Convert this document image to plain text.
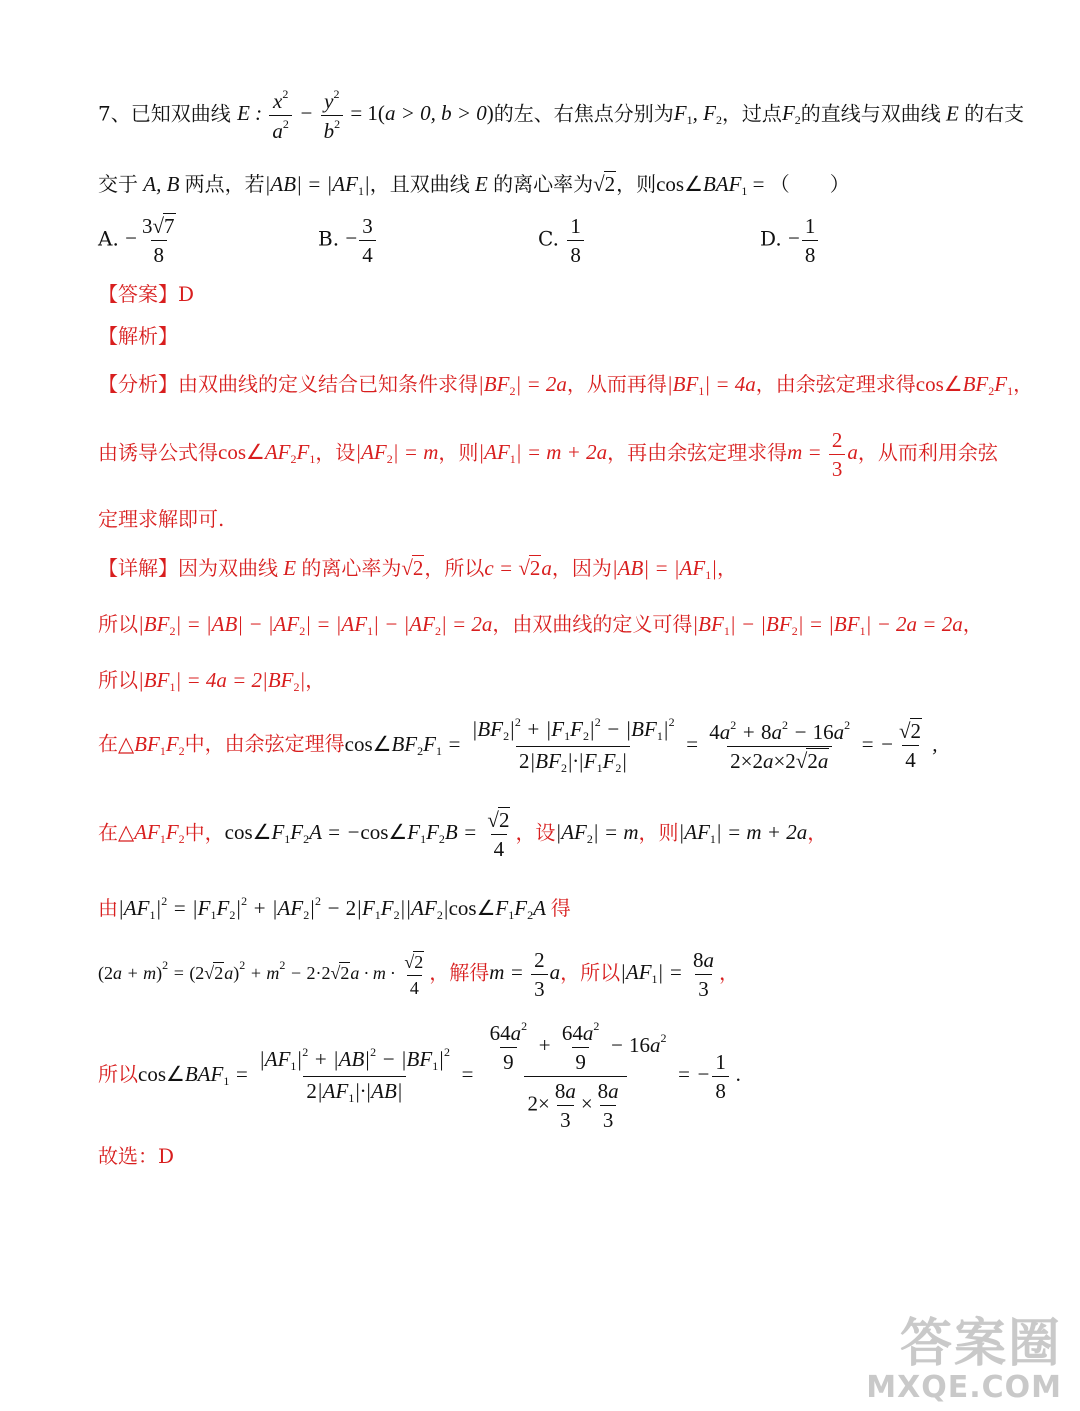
7、已知双曲线 E : $\frac{x^2}{a^2} - \frac{y^2}{b^2} = 1(a > 0$, b > 0)的左、右焦点分别为$F_1$, $F_2$，过点$F_2$的直线与双曲线 E 的右支
交于 A, B 两点，若$|AB| = |AF_1|$，且双曲线 E 的离心率为√2，则$\cos\angle BAF_1$ = （　　）
A. − $\frac{3√7}{8}$	B. − $\frac{3}{4}$	C. $\frac{1}{8}$	D. − $\frac{1}{8}$
【答案】D
【解析】
【分析】由双曲线的定义结合已知条件求得$|BF_2| = 2a$，从而再得$|BF_1| = 4a$，由余弦定理求得$\cos\angle BF_2F_1$，
由诱导公式得$\cos\angle AF_2F_1$，设$|AF_2| = m$，则$|AF_1| = m + 2a$，再由余弦定理求得$m = \frac{2}{3}$ a，从而利用余弦
定理求解即可.
【详解】因为双曲线 E 的离心率为√2，所以c = √2a，因为$|AB| = |AF_1|$，
所以$|BF_2| = |AB| - |AF_2| = |AF_1| - |AF_2| = 2a$，由双曲线的定义可得$|BF_1| - |BF_2| = |BF_1| - 2a = 2a$，
所以$|BF_1| = 4a = 2|BF_2|$，
在$\triangle BF_1F_2$中，由余弦定理得$\cos\angle BF_2F_1 = \frac{|BF_2|^2 + |F_1F_2|^2 - |BF_1|^2}{2|BF_2|\cdot|F_1F_2|} = \frac{4a^2 + 8a^2 - 16a^2}{2\times 2a\times 2√2a}$ = − $\frac{√2}{4}$ ,
在$\triangle AF_1F_2$中，$\cos\angle F_1F_2A$ = $-\cos\angle F_1F_2B = \frac{√2}{4}$ ，设$|AF_2| = m$，则$|AF_1| = m + 2a$，
由$|AF_1|^2 = |F_1F_2|^2 + |AF_2|^2$ − $2|F_1F_2||AF_2|\cos\angle F_1F_2A$ 得
$(2a + m)^2 = (2√2a)^2 + m^2 - 2\cdot 2√2a \cdot m \cdot \frac{√2}{4}$ ，解得$m = \frac{2}{3}$ a，所以$|AF_1| = \frac{8a}{3}$ ，
所以$\cos\angle BAF_1 = \frac{|AF_1|^2 + |AB|^2 - |BF_1|^2}{2|AF_1|\cdot|AB|} = \frac{\frac{64a^2}{9} + \frac{64a^2}{9} - 16a^2}{2\times \frac{8a}{3} \times \frac{8a}{3}}$ = − $\frac{1}{8}$ .
故选：D
答案圈
MXQE.COM
